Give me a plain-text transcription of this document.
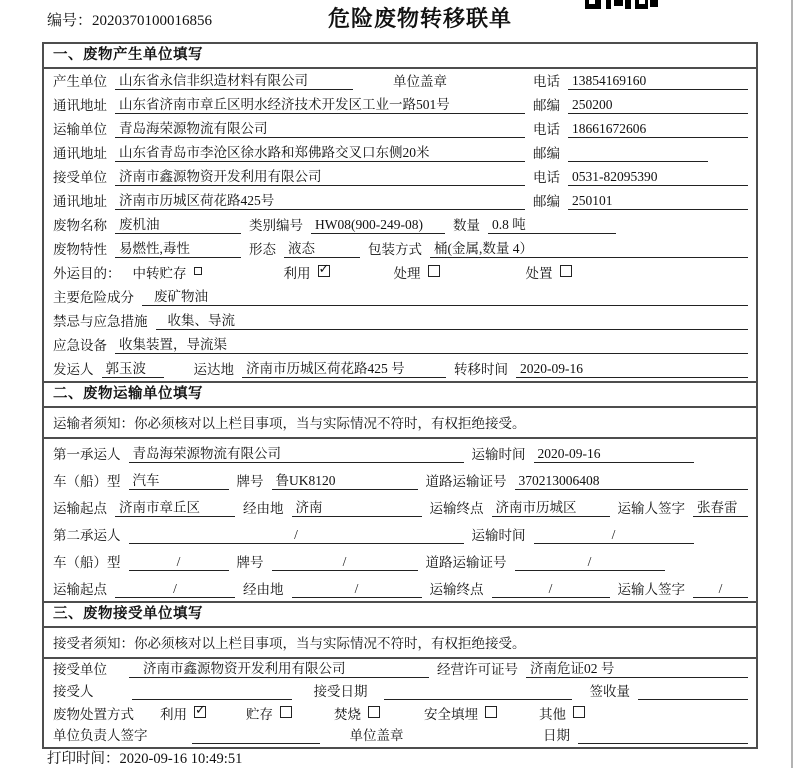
编号：2020370100016856	危险废物转移联单
一、废物产生单位填写
产生单位 山东省永信非织造材料有限公司	单位盖章	电话 13854169160
通讯地址 山东省济南市章丘区明水经济技术开发区工业一路501号	邮编 250200
运输单位 青岛海荣源物流有限公司	电话 18661672606
通讯地址 山东省青岛市李沧区徐水路和郑佛路交叉口东侧20米	邮编
接受单位 济南市鑫源物资开发利用有限公司	电话 0531-82095390
通讯地址 济南市历城区荷花路425号	邮编 250101
废物名称 废机油	类别编号 HW08(900-249-08)	数量 0.8 吨
废物特性 易燃性,毒性	形态 液态	包装方式 桶(金属,数量 4）
外运目的： 中转贮存	利用 ✓	处理	处置
主要危险成分	废矿物油
禁忌与应急措施	收集、导流
应急设备 收集装置，导流渠
发运人 郭玉波	运达地 济南市历城区荷花路425 号	转移时间 2020-09-16
二、废物运输单位填写
运输者须知：你必须核对以上栏目事项，当与实际情况不符时，有权拒绝接受。
第一承运人 青岛海荣源物流有限公司	运输时间 2020-09-16
车（船）型 汽车	牌号 鲁UK8120	道路运输证号 370213006408
运输起点 济南市章丘区	经由地 济南	运输终点 济南市历城区	运输人签字 张春雷
第二承运人	/	运输时间	/
车（船）型	/	牌号	/	道路运输证号	/
运输起点	/	经由地	/	运输终点	/	运输人签字	/
三、废物接受单位填写
接受者须知：你必须核对以上栏目事项，当与实际情况不符时，有权拒绝接受。
接受单位	济南市鑫源物资开发利用有限公司	经营许可证号 济南危证02 号
接受人	接受日期	签收量
废物处置方式 利用 ✓	贮存	焚烧	安全填埋	其他
单位负责人签字	单位盖章	日期
打印时间：2020-09-16 10:49:51
